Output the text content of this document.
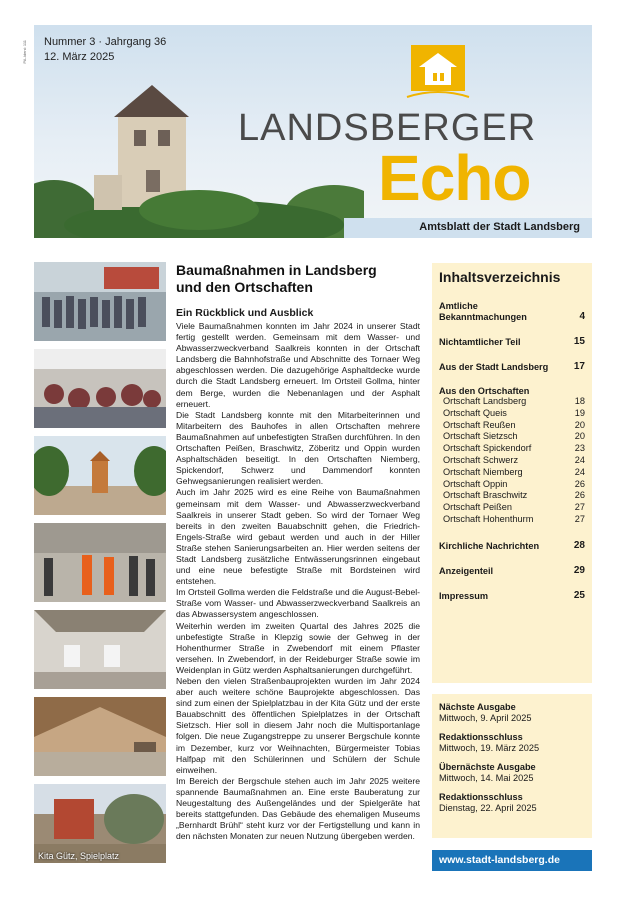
PA-Ident: 111 Nummer 3 · Jahrgang 36
12. März 2025
LANDSBERGER
Echo
Amtsblatt der Stadt Landsberg
Kita Gütz, Spielplatz
Baumaßnahmen in Landsberg
und den Ortschaften
Ein Rückblick und Ausblick

Viele Baumaßnahmen konnten im Jahr 2024 in unserer Stadt fertig gestellt werden. Gemeinsam mit dem Wasser- und Abwasserzweckverband Saalkreis konnten in der Ortschaft Landsberg die Bahnhofstraße und Abschnitte des Tornaer Weg abgeschlossen werden. Die dazugehörige Asphaltdecke wurde durch die Stadt Landsberg erneuert. Im Ortsteil Gollma, hinter dem Berge, wurden die Nebenanlagen und der Asphalt erneuert.

Die Stadt Landsberg konnte mit den Mitarbeiterinnen und Mitarbeitern des Bauhofes in allen Ortschaften mehrere Baumaßnahmen auf unbefestigten Straßen durchführen. In den Ortschaften Peißen, Braschwitz, Zöberitz und Oppin wurden Asphaltschäden beseitigt. In den Ortschaften Niemberg, Spickendorf, Schwerz und Dammendorf konnten Gehwegsanierungen realisiert werden.

Auch im Jahr 2025 wird es eine Reihe von Baumaßnahmen gemeinsam mit dem Wasser- und Abwasserzweckverband Saalkreis in unserer Stadt geben. So wird der Tornaer Weg bereits in den zweiten Bauabschnitt gehen, die Friedrich-Engels-Straße wird gebaut werden und auch in der Hiller Straße stehen Sanierungsarbeiten an. Hier werden seitens der Stadt Landsberg zusätzliche Entwässerungsrinnen eingebaut und eine neue befestigte Straße mit Bordsteinen wird entstehen.

Im Ortsteil Gollma werden die Feldstraße und die August-Bebel-Straße vom Wasser- und Abwasserzweckverband Saalkreis an das Abwassersystem angeschlossen.

Weiterhin werden im zweiten Quartal des Jahres 2025 die unbefestigte Straße in Klepzig sowie der Gehweg in der Hohenthurmer Straße in Zwebendorf mit einem Pflaster versehen. In Zwebendorf, in der Reideburger Straße sowie im Weidenplan in Gütz werden Asphaltsanierungen durchgeführt.

Neben den vielen Straßenbauprojekten wurden im Jahr 2024 aber auch weitere schöne Bauprojekte abgeschlossen. Das sind zum einen der Spielplatzbau in der Kita Gütz und der erste Bauabschnitt des öffentlichen Spielplatzes in der Ortschaft Sietzsch. Hier soll in diesem Jahr noch die Multisportanlage folgen. Die neue Zugangstreppe zu unserer Bergschule konnte im Dezember, kurz vor Weihnachten, Bürgermeister Tobias Halfpap mit den Schülerinnen und Schülern der Schule einweihen.

Im Bereich der Bergschule stehen auch im Jahr 2025 weitere spannende Baumaßnahmen an. Eine erste Bauberatung zur Neugestaltung des Außengeländes und der Spielgeräte hat bereits stattgefunden. Das Gebäude des ehemaligen Museums „Bernhardt Brühl“ steht kurz vor der Fertigstellung und kann in den nächsten Monaten zur neuen Nutzung übergeben werden.

Inhaltsverzeichnis
Amtliche
Bekanntmachungen	4
Nichtamtlicher Teil	15
Aus der Stadt Landsberg	17
Aus den Ortschaften
Ortschaft Landsberg	18
Ortschaft Queis	19
Ortschaft Reußen	20
Ortschaft Sietzsch	20
Ortschaft Spickendorf	23
Ortschaft Schwerz	24
Ortschaft Niemberg	24
Ortschaft Oppin	26
Ortschaft Braschwitz	26
Ortschaft Peißen	27
Ortschaft Hohenthurm	27
Kirchliche Nachrichten	28
Anzeigenteil	29
Impressum	25
Nächste Ausgabe
Mittwoch, 9. April 2025
Redaktionsschluss
Mittwoch, 19. März 2025
Übernächste Ausgabe
Mittwoch, 14. Mai 2025
Redaktionsschluss
Dienstag, 22. April 2025
www.stadt-landsberg.de
